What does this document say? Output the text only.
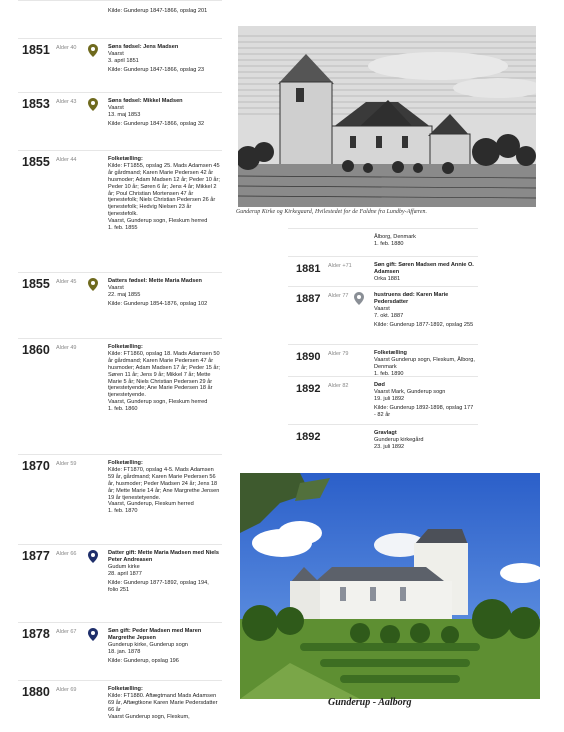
Kilde: Gunderup 1847-1866, opslag 201
1851 Alder 40	Søns fødsel: Jens Madsen
Vaarst
3. april 1851
Kilde: Gunderup 1847-1866, opslag 23
1853 Alder 43	Søns fødsel: Mikkel Madsen
Vaarst
13. maj 1853
Kilde: Gunderup 1847-1866, opslag 32
1855 Alder 44	Folketælling:
Kilde: FT1855, opslag 25. Mads Adamsen 45 år gårdmand; Karen Marie Pedersen 42 år husmoder; Adam Madsen 12 år; Peder 10 år; Peder 10 år; Søren 6 år; Jens 4 år; Mikkel 2 år; Poul Christian Mortensen 47 år tjenestefolk; Niels Christian Pedersen 26 år tjenestefolk; Hedvig Nielsen 23 år tjenestefolk.
Vaarst, Gunderup sogn, Fleskum herred
1. feb. 1855
1855 Alder 45	Datters fødsel: Mette Maria Madsen
Vaarst
22. maj 1855
Kilde: Gunderup 1854-1876, opslag 102
1860 Alder 49	Folketælling:
Kilde: FT1860, opslag 18. Mads Adamsen 50 år gårdmand; Karen Marie Pedersen 47 år husmoder; Adam Madsen 17 år; Peder 15 år; Søren 11 år; Jens 9 år; Mikkel 7 år; Mette Marie 5 år; Niels Christian Pedersen 29 år tjenestetyende; Ane Marie Pedersen 18 år tjenestetyende.
Vaarst, Gunderup sogn, Fleskum herred
1. feb. 1860
1870 Alder 59	Folketælling:
Kilde: FT1870, opslag 4-5. Mads Adamsen 59 år, gårdmand; Karen Marie Pedersen 56 år, husmoder; Peder Madsen 24 år; Jens 18 år; Mette Marie 14 år; Ane Margrethe Jensen 19 år tjenestetyende.
Vaarst, Gunderup, Fleskum herred
1. feb. 1870
1877 Alder 66	Datter gift: Mette Maria Madsen med Niels Peter Andreasen
Gudum kirke
28. april 1877
Kilde: Gunderup 1877-1892, opslag 194, folio 251
1878 Alder 67	Søn gift: Peder Madsen med Maren Margrethe Jepsen
Gunderup kirke, Gunderup sogn
18. jan. 1878
Kilde: Gunderup, opslag 196
1880 Alder 69	Folketælling:
Kilde: FT1880. Aftægtmand Mads Adamsen 69 år, Aftægtkone Karen Marie Pedersdatter 66 år
Vaarst Gunderup sogn, Fleskum,
Gunderup Kirke og Kirkegaard, Hvilestedet for de Faldne fra Lundby-Affæren.
Ålborg, Denmark
1. feb. 1880
1881 Alder +71	Søn gift: Søren Madsen med Annie O. Adamsen
Orka 1881
1887 Alder 77	hustruens død: Karen Marie Pedersdatter
Vaarst
7. okt. 1887
Kilde: Gunderup 1877-1892, opslag 255
1890 Alder 79	Folketælling
Vaarst Gunderup sogn, Fleskum, Ålborg, Denmark
1. feb. 1890
1892 Alder 82	Død
Vaarst Mark, Gunderup sogn
19. juli 1892
Kilde: Gunderup 1892-1898, opslag 177 - 82 år
1892	Gravlagt
Gunderup kirkegård
23. juli 1892
Gunderup - Aalborg
